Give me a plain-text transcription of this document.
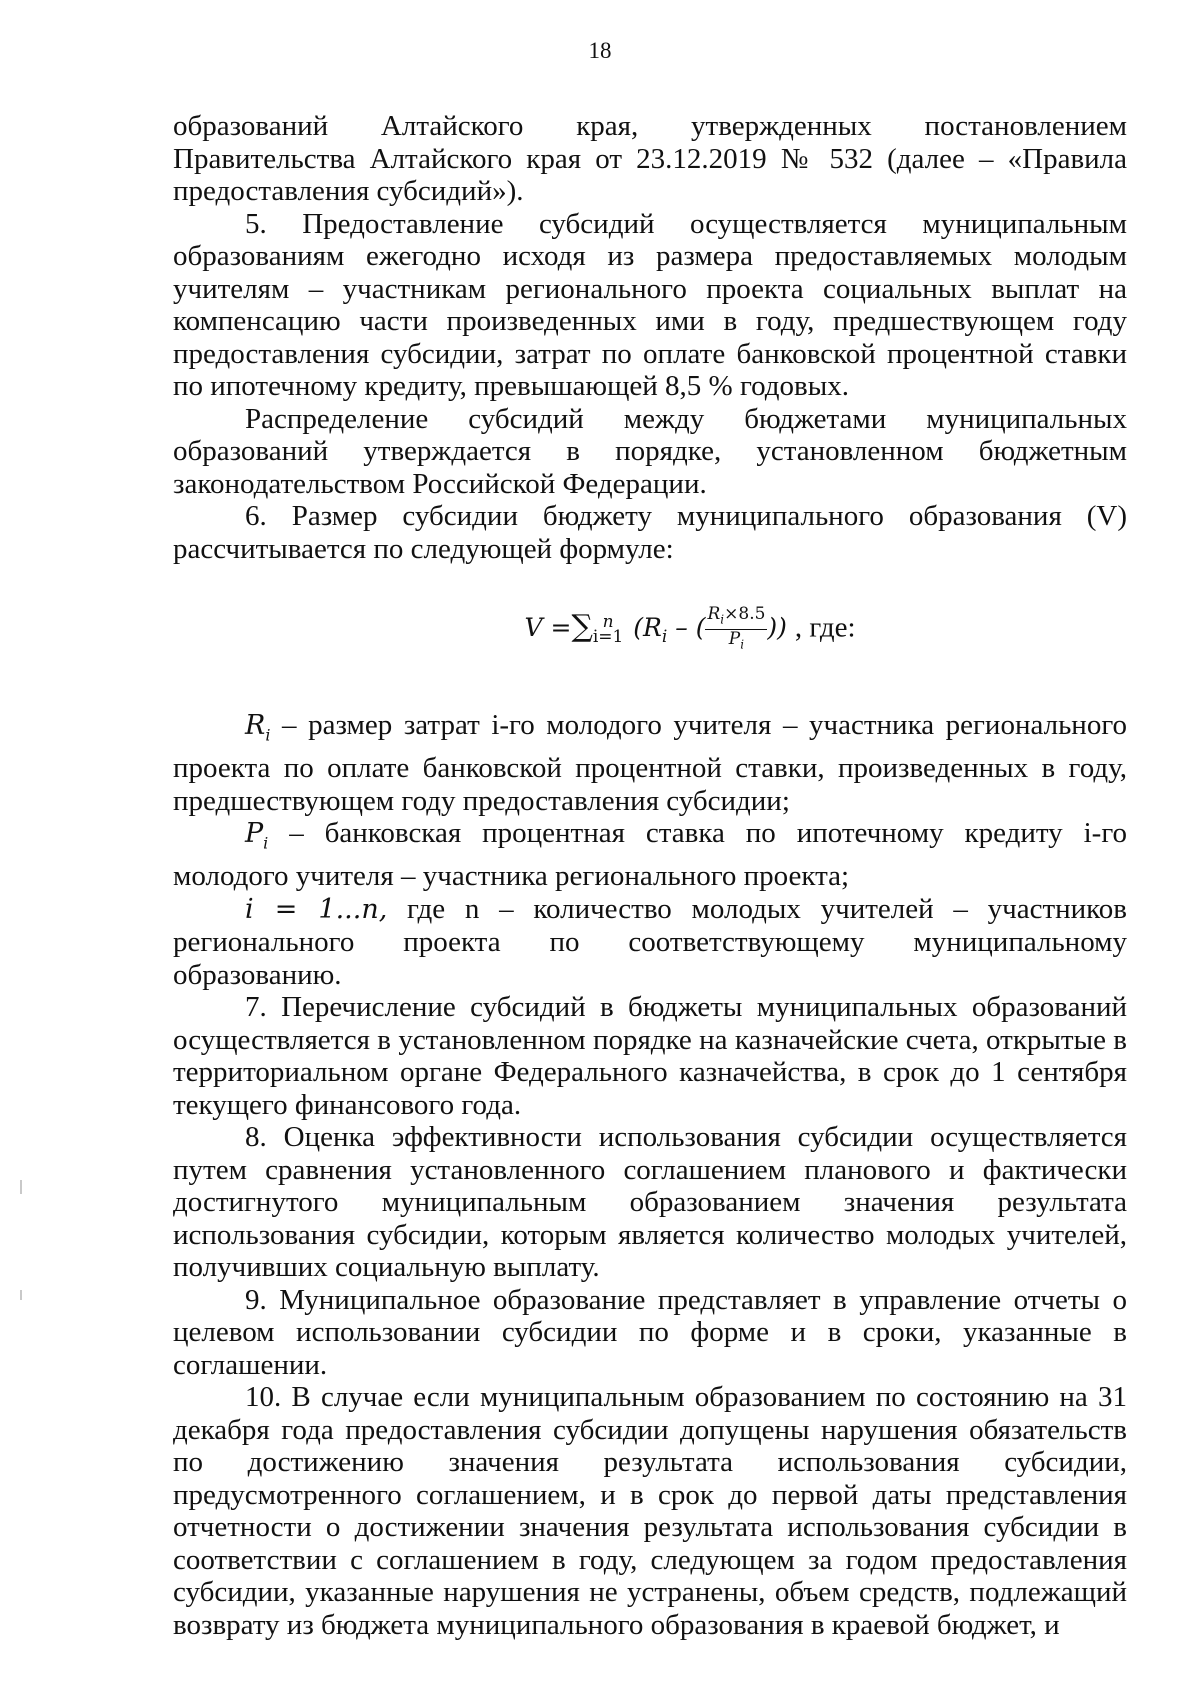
18

образований Алтайского края, утвержденных постановлением Правительства Алтайского края от 23.12.2019 № 532 (далее – «Правила предоставления субсидий»).

5. Предоставление субсидий осуществляется муниципальным образованиям ежегодно исходя из размера предоставляемых молодым учителям – участникам регионального проекта социальных выплат на компенсацию части произведенных ими в году, предшествующем году предоставления субсидии, затрат по оплате банковской процентной ставки по ипотечному кредиту, превышающей 8,5 % годовых.

Распределение субсидий между бюджетами муниципальных образований утверждается в порядке, установленном бюджетным законодательством Российской Федерации.

6. Размер субсидии бюджету муниципального образования (V) рассчитывается по следующей формуле:

V =∑ n
i=1 ($R_i$ – ( $\frac{R_i\times 8.5}{P_i}$ )) , где:

$R_i$ – размер затрат i-го молодого учителя – участника регионального проекта по оплате банковской процентной ставки, произведенных в году, предшествующем году предоставления субсидии;

$P_i$ – банковская процентная ставка по ипотечному кредиту i-го молодого учителя – участника регионального проекта;

i = 1...n, где n – количество молодых учителей – участников регионального проекта по соответствующему муниципальному образованию.

7. Перечисление субсидий в бюджеты муниципальных образований осуществляется в установленном порядке на казначейские счета, открытые в территориальном органе Федерального казначейства, в срок до 1 сентября текущего финансового года.

8. Оценка эффективности использования субсидии осуществляется путем сравнения установленного соглашением планового и фактически достигнутого муниципальным образованием значения результата использования субсидии, которым является количество молодых учителей, получивших социальную выплату.

9. Муниципальное образование представляет в управление отчеты о целевом использовании субсидии по форме и в сроки, указанные в соглашении.

10. В случае если муниципальным образованием по состоянию на 31 декабря года предоставления субсидии допущены нарушения обязательств по достижению значения результата использования субсидии, предусмотренного соглашением, и в срок до первой даты представления отчетности о достижении значения результата использования субсидии в соответствии с соглашением в году, следующем за годом предоставления субсидии, указанные нарушения не устранены, объем средств, подлежащий возврату из бюджета муниципального образования в краевой бюджет, и
